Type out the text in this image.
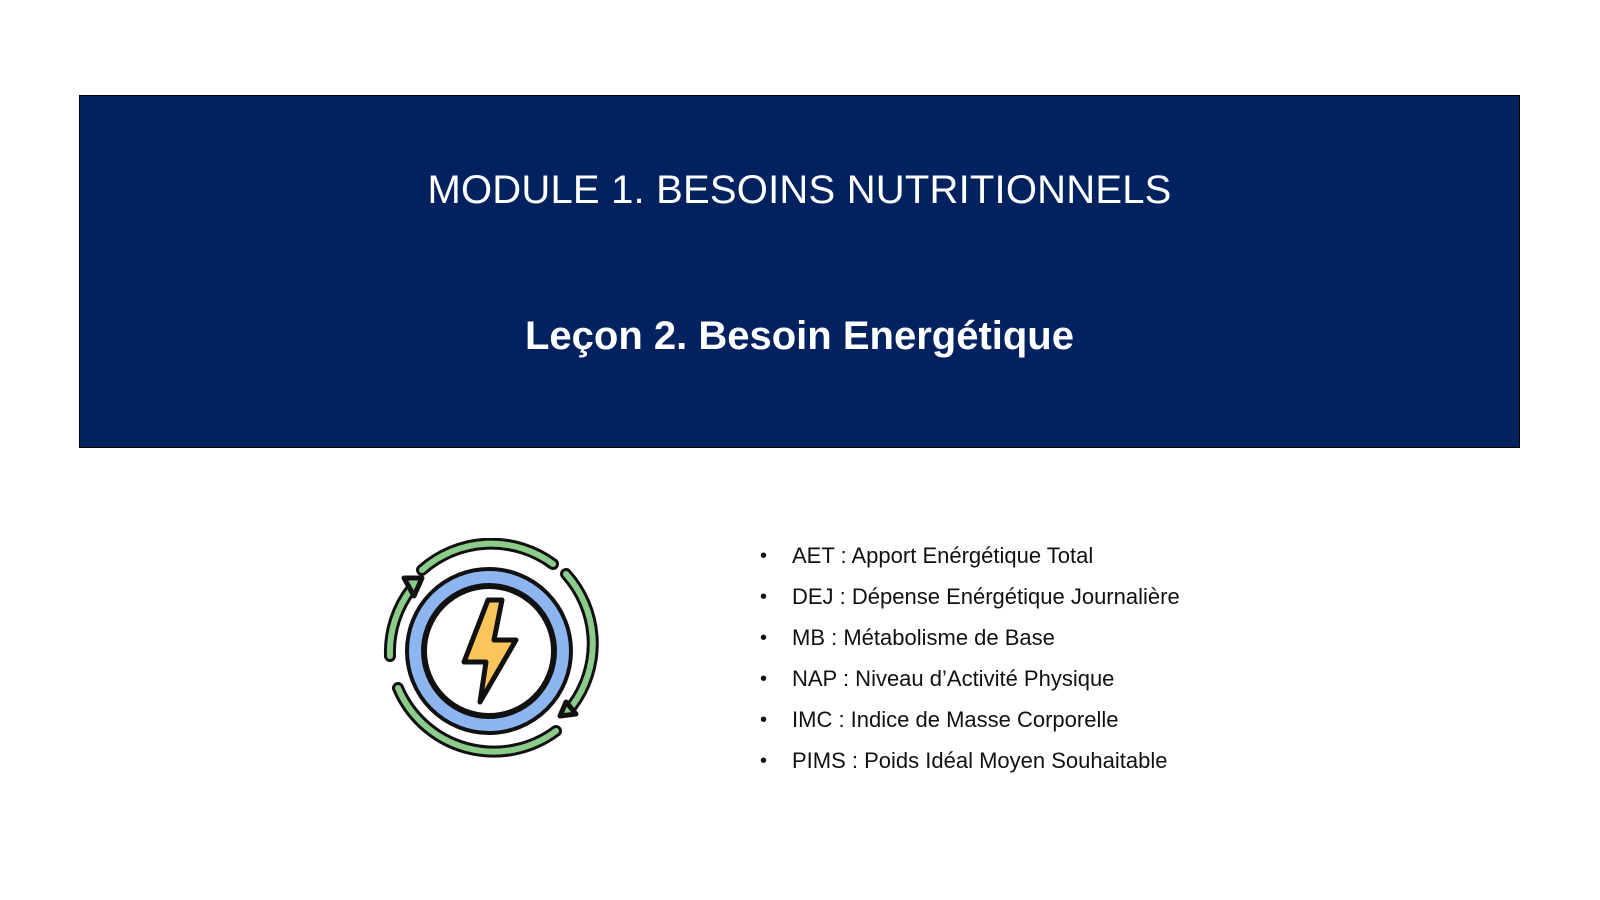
MODULE 1. BESOINS NUTRITIONNELS
Leçon 2. Besoin Energétique
• AET : Apport Enérgétique Total
• DEJ : Dépense Enérgétique Journalière
• MB : Métabolisme de Base
• NAP : Niveau d’Activité Physique
• IMC : Indice de Masse Corporelle
• PIMS : Poids Idéal Moyen Souhaitable
